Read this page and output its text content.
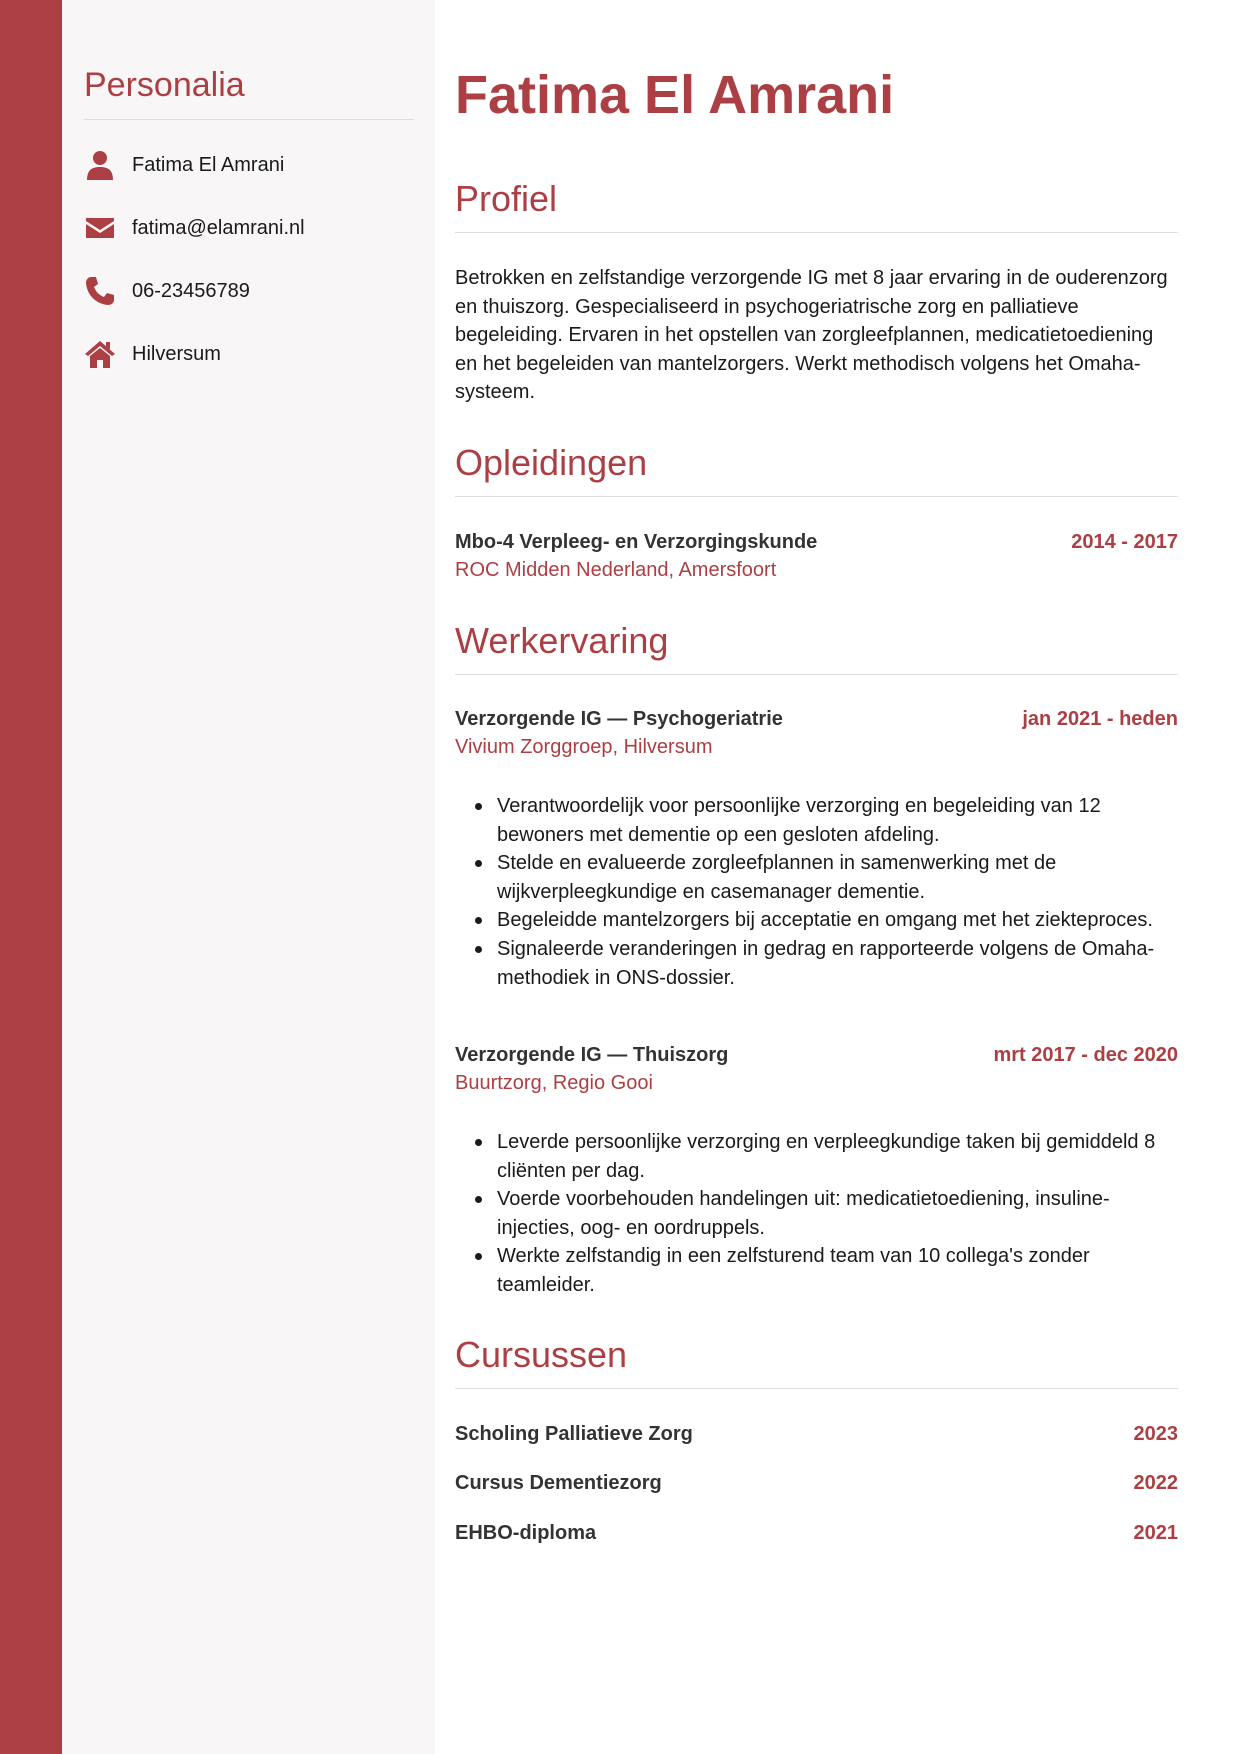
Personalia
Fatima El Amrani
fatima@elamrani.nl
06-23456789
Hilversum
Fatima El Amrani
Profiel

Betrokken en zelfstandige verzorgende IG met 8 jaar ervaring in de ouderenzorg en thuiszorg. Gespecialiseerd in psychogeriatrische zorg en palliatieve begeleiding. Ervaren in het opstellen van zorgleefplannen, medicatietoediening en het begeleiden van mantelzorgers. Werkt methodisch volgens het Omaha-systeem.

Opleidingen
Mbo-4 Verpleeg- en Verzorgingskunde	2014 - 2017
ROC Midden Nederland, Amersfoort
Werkervaring
Verzorgende IG — Psychogeriatrie	jan 2021 - heden
Vivium Zorggroep, Hilversum
Verantwoordelijk voor persoonlijke verzorging en begeleiding van 12 bewoners met dementie op een gesloten afdeling.
Stelde en evalueerde zorgleefplannen in samenwerking met de wijkverpleegkundige en casemanager dementie.
Begeleidde mantelzorgers bij acceptatie en omgang met het ziekteproces.
Signaleerde veranderingen in gedrag en rapporteerde volgens de Omaha-methodiek in ONS-dossier.
Verzorgende IG — Thuiszorg	mrt 2017 - dec 2020
Buurtzorg, Regio Gooi
Leverde persoonlijke verzorging en verpleegkundige taken bij gemiddeld 8 cliënten per dag.
Voerde voorbehouden handelingen uit: medicatietoediening, insuline-injecties, oog- en oordruppels.
Werkte zelfstandig in een zelfsturend team van 10 collega's zonder teamleider.
Cursussen
Scholing Palliatieve Zorg	2023
Cursus Dementiezorg	2022
EHBO-diploma	2021
